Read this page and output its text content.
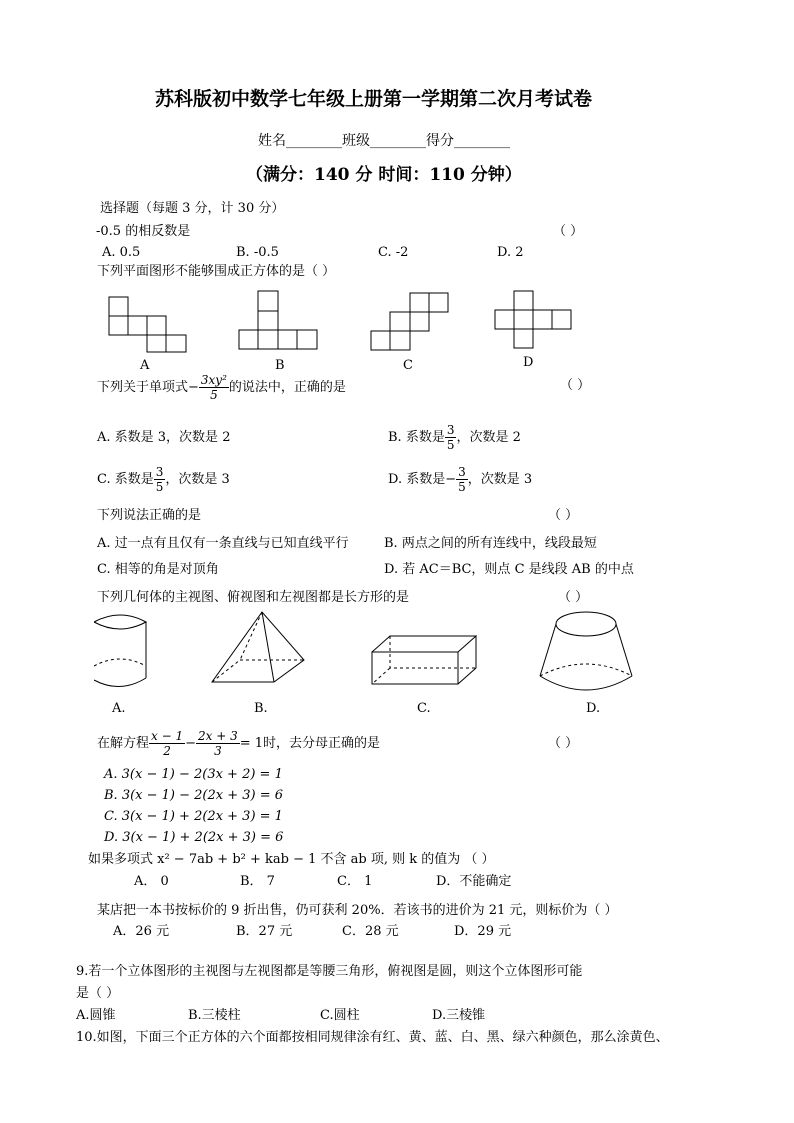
苏科版初中数学七年级上册第一学期第二次月考试卷
姓名________班级________得分________
（满分：140 分 时间：110 分钟）
选择题（每题 3 分，计 30 分）
-0.5 的相反数是	（ ）
A. 0.5	B. -0.5	C. -2	D. 2
下列平面图形不能够围成正方体的是（ ）
A	B	C	D
下列关于单项式− $\frac{\text{3xy²}}{5}$ 的说法中，正确的是	（ ）
A. 系数是 3，次数是 2	B. 系数是 $\frac{3}{5}$ ，次数是 2
C. 系数是 $\frac{3}{5}$ ，次数是 3	D. 系数是− $\frac{3}{5}$ ，次数是 3
下列说法正确的是	（ ）
A. 过一点有且仅有一条直线与已知直线平行	B. 两点之间的所有连线中，线段最短
C. 相等的角是对顶角	D. 若 AC＝BC，则点 C 是线段 AB 的中点
下列几何体的主视图、俯视图和左视图都是长方形的是	（ ）
A.	B.	C.	D.
在解方程 $\frac{x - 1}{2} - \frac{2x + 3}{3} = 1$时，去分母正确的是	（ ）
A. 3(x − 1) − 2(3x + 2) = 1
B. 3(x − 1) − 2(2x + 3) = 6
C. 3(x − 1) + 2(2x + 3) = 1
D. 3(x − 1) + 2(2x + 3) = 6
如果多项式 x² − 7ab + b² + kab − 1 不含 ab 项, 则 k 的值为 （ ）
A． 0	B． 7	C． 1	D．不能确定
某店把一本书按标价的 9 折出售，仍可获利 20%．若该书的进价为 21 元，则标价为（ ）
A．26 元	B．27 元	C．28 元	D．29 元
9.若一个立体图形的主视图与左视图都是等腰三角形，俯视图是圆，则这个立体图形可能
是（ ）
A.圆锥	B.三棱柱	C.圆柱	D.三棱锥
10.如图，下面三个正方体的六个面都按相同规律涂有红、黄、蓝、白、黑、绿六种颜色，那么涂黄色、
